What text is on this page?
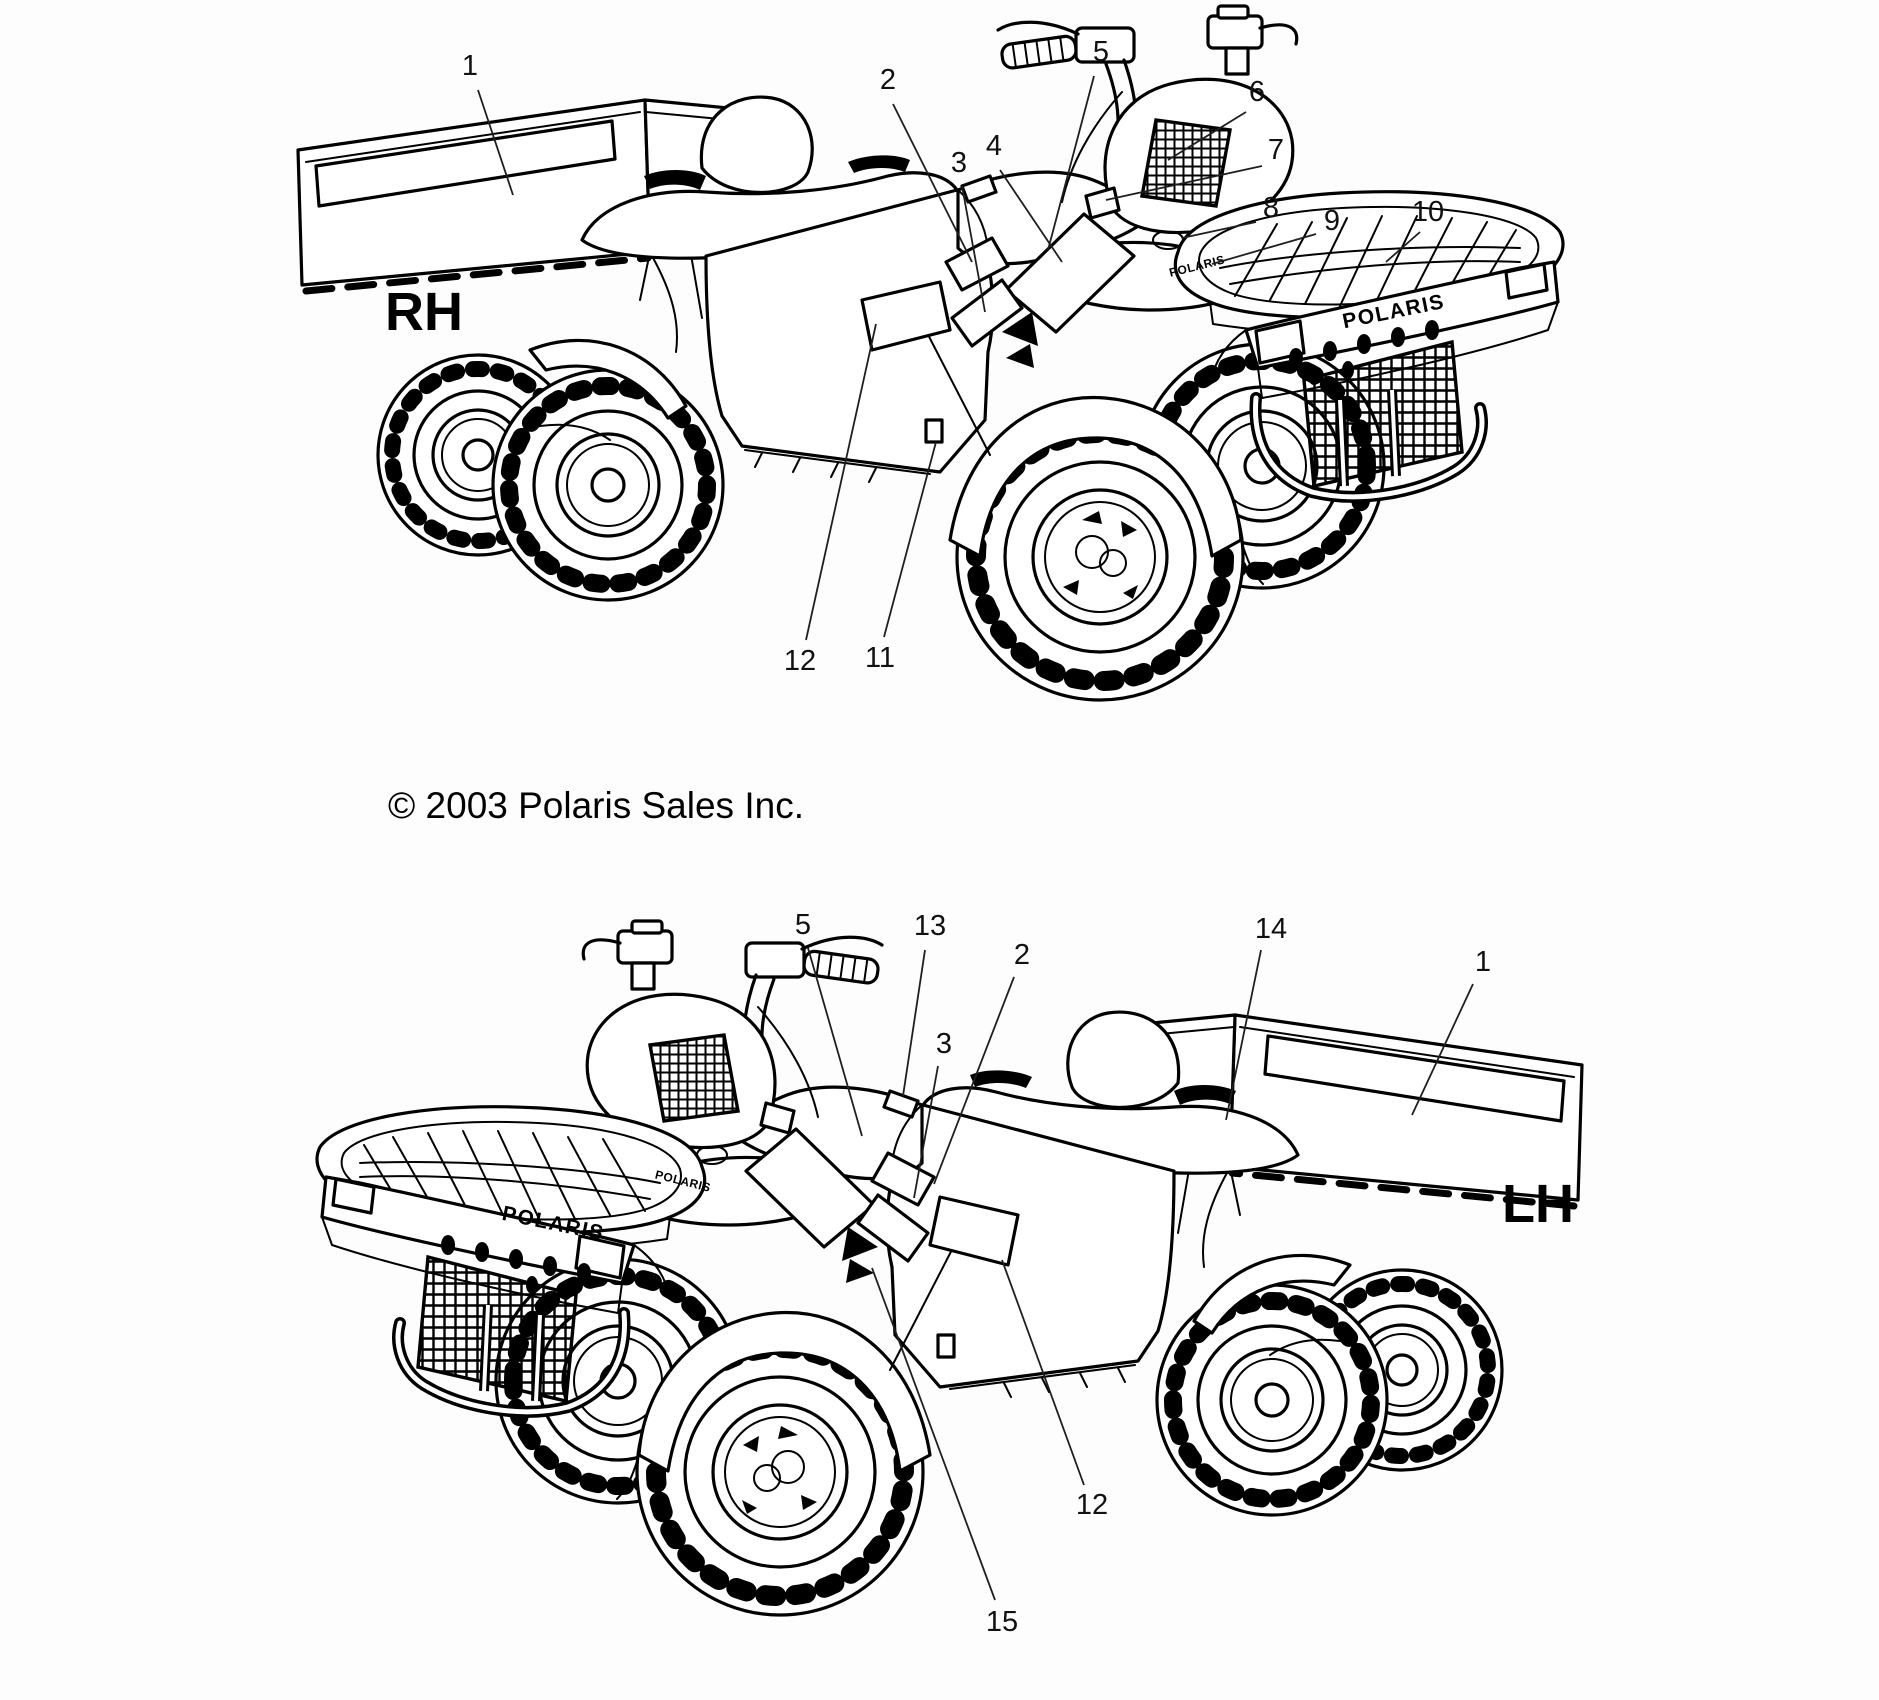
POLARIS
POLARIS
1	2
3
4
5
6
7
8 9 10
11
12
RH
© 2003 Polaris Sales Inc.
POLARIS
POLARIS
5	13
2
3
14
1
12
15
LH
